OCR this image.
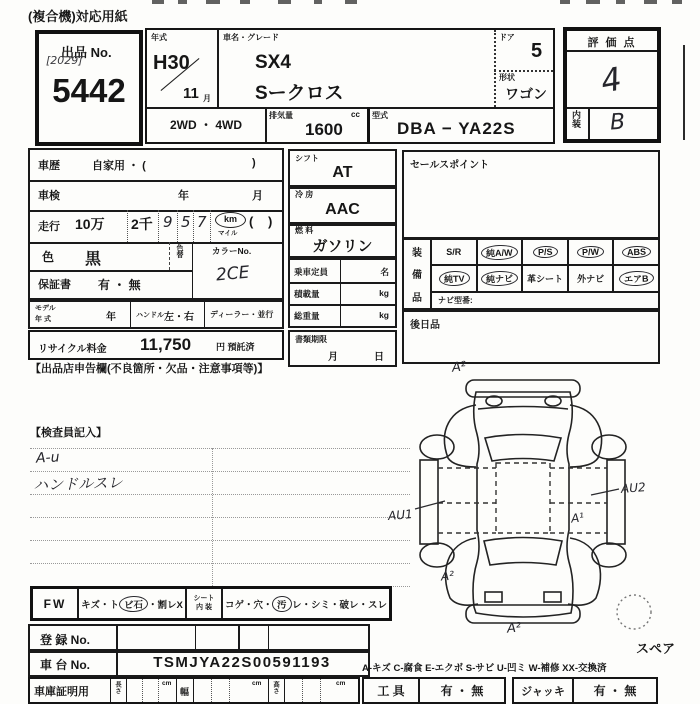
(複合機)対応用紙
出品 No.
[2029]
5442
年式
H30
11 月
車名・グレード
SX4
Sークロス
ドア
5
形状
ワゴン
2WD ・ 4WD
排気量	cc
1600
型式
DBA − YA22S
評 価 点
4
内装 B
車歴	自家用 ・ (	)
車検	年	月
走行 10万 2千 9 5 7	km
マイル
( )
色 黒	色替	カラーNo.
2CE
保証書 有 ・ 無
モデル
年 式	年	ハンドル 左・右 ディーラー・並行
リサイクル料金 11,750	円 預託済
【出品店申告欄(不良箇所・欠品・注意事項等)】
シフト
AT
冷 房
AAC
燃 料
ガソリン
乗車定員	名
積載量	kg
総重量	kg
書類期限
月	日
セールスポイント
装
備
品
S/R	純A/W	P/S	P/W	ABS
純TV	純ナビ	革シート 外ナビ	エアB
ナビ型番:
後日品
【検査員記入】
A-u
ハンドルスレ
A²
AU1
AU2
A¹
A²
A²
スペア
FW	キズ・ト ビ石 ・割レX
シート
内 装 コゲ・穴・ 汚 レ・シミ・破レ・スレ
登 録 No.
車 台 No.	TSMJYA22S00591193	A-キズ C-腐食 E-エクボ S-サビ U-凹ミ W-補修 XX-交換済
車庫証明用	長さ	cm
幅
cm 高さ	cm
工 具	有 ・ 無	ジャッキ	有 ・ 無
